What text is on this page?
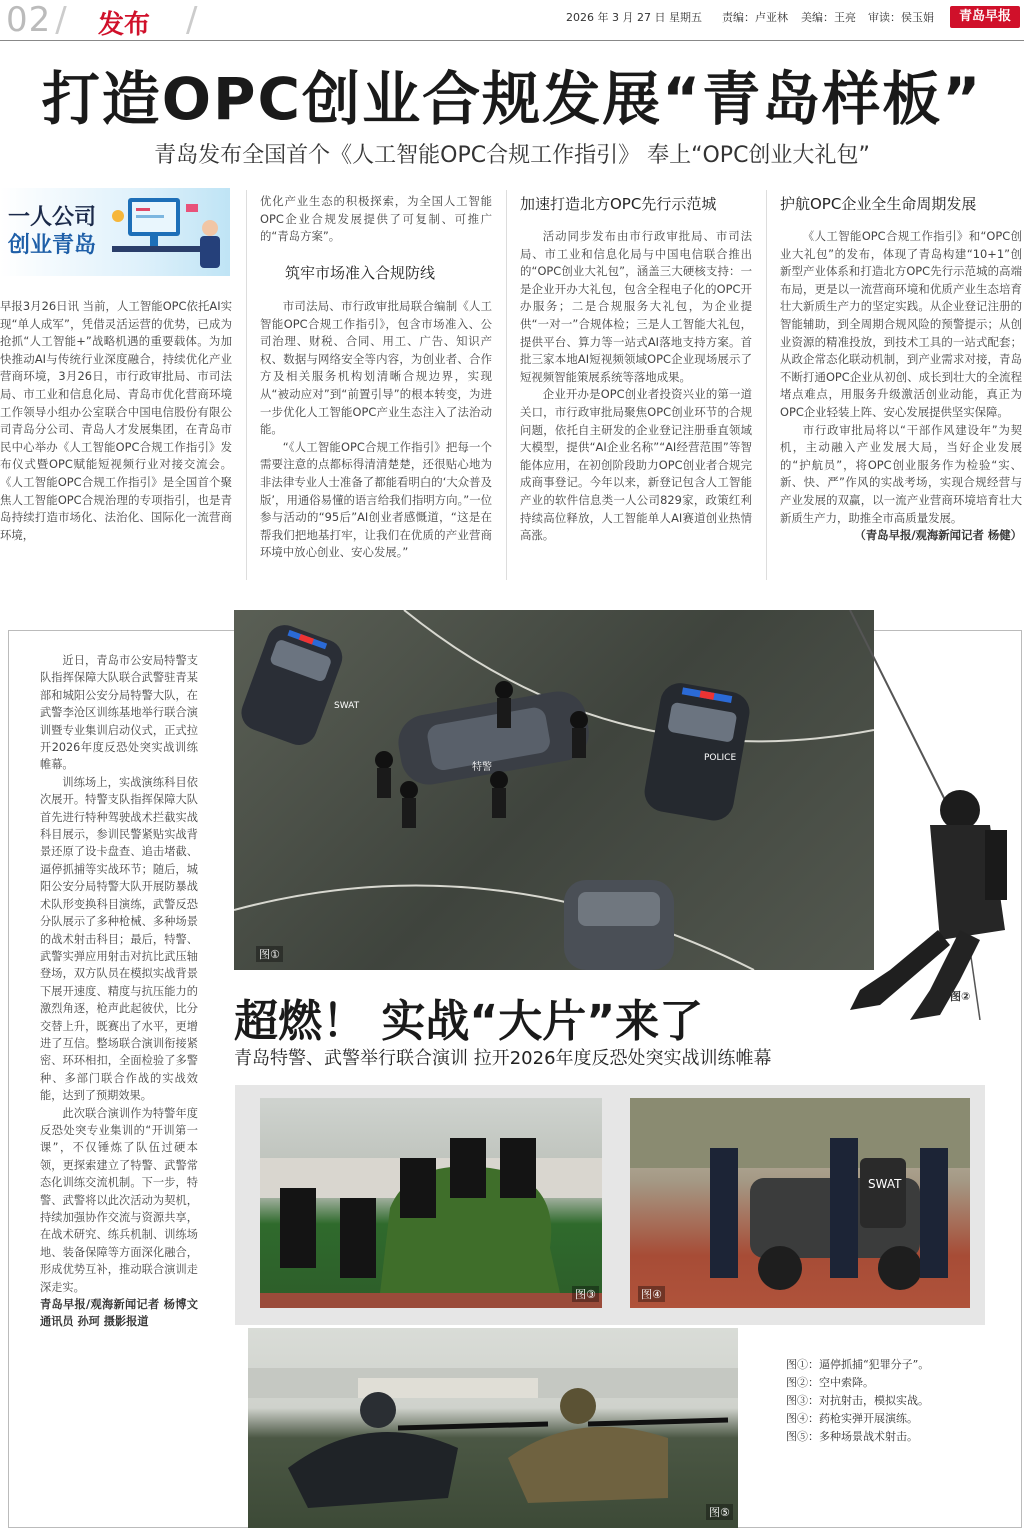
02 / 发布 /	2026 年 3 月 27 日 星期五 责编：卢亚林 美编：王亮 审读：侯玉娟	青岛早报
打造OPC创业合规发展“青岛样板”
青岛发布全国首个《人工智能OPC合规工作指引》 奉上“OPC创业大礼包”
一人公司
创业青岛

早报3月26日讯 当前，人工智能OPC依托AI实现“单人成军”，凭借灵活运营的优势，已成为抢抓“人工智能+”战略机遇的重要载体。为加快推动AI与传统行业深度融合，持续优化产业营商环境，3月26日，市行政审批局、市司法局、市工业和信息化局、青岛市优化营商环境工作领导小组办公室联合中国电信股份有限公司青岛分公司、青岛人才发展集团，在青岛市民中心举办《人工智能OPC合规工作指引》发布仪式暨OPC赋能短视频行业对接交流会。《人工智能OPC合规工作指引》是全国首个聚焦人工智能OPC合规治理的专项指引，也是青岛持续打造市场化、法治化、国际化一流营商环境，

优化产业生态的积极探索，为全国人工智能OPC企业合规发展提供了可复制、可推广的“青岛方案”。

筑牢市场准入合规防线

市司法局、市行政审批局联合编制《人工智能OPC合规工作指引》，包含市场准入、公司治理、财税、合同、用工、广告、知识产权、数据与网络安全等内容，为创业者、合作方及相关服务机构划清晰合规边界，实现从“被动应对”到“前置引导”的根本转变，为进一步优化人工智能OPC产业生态注入了法治动能。

“《人工智能OPC合规工作指引》把每一个需要注意的点都标得清清楚楚，还很贴心地为非法律专业人士准备了都能看明白的‘大众普及版’，用通俗易懂的语言给我们指明方向。”一位参与活动的“95后”AI创业者感慨道，“这是在帮我们把地基打牢，让我们在优质的产业营商环境中放心创业、安心发展。”

加速打造北方OPC先行示范城

活动同步发布由市行政审批局、市司法局、市工业和信息化局与中国电信联合推出的“OPC创业大礼包”，涵盖三大硬核支持：一是企业开办大礼包，包含全程电子化的OPC开办服务；二是合规服务大礼包，为企业提供“一对一”合规体检；三是人工智能大礼包，提供平台、算力等一站式AI落地支持方案。首批三家本地AI短视频领域OPC企业现场展示了短视频智能策展系统等落地成果。

企业开办是OPC创业者投资兴业的第一道关口，市行政审批局聚焦OPC创业环节的合规问题，依托自主研发的企业登记注册垂直领域大模型，提供“AI企业名称”“AI经营范围”等智能体应用，在初创阶段助力OPC创业者合规完成商事登记。今年以来，新登记包含人工智能产业的软件信息类一人公司829家，政策红利持续高位释放，人工智能单人AI赛道创业热情高涨。

护航OPC企业全生命周期发展

《人工智能OPC合规工作指引》和“OPC创业大礼包”的发布，体现了青岛构建“10+1”创新型产业体系和打造北方OPC先行示范城的高端布局，更是以一流营商环境和优质产业生态培育壮大新质生产力的坚定实践。从企业登记注册的智能辅助，到全周期合规风险的预警提示；从创业资源的精准投放，到技术工具的一站式配套；从政企常态化联动机制，到产业需求对接，青岛不断打通OPC企业从初创、成长到壮大的全流程堵点难点，用服务升级激活创业动能，真正为OPC企业轻装上阵、安心发展提供坚实保障。

市行政审批局将以“干部作风建设年”为契机，主动融入产业发展大局，当好企业发展的“护航员”，将OPC创业服务作为检验“实、新、快、严”作风的实战考场，实现合规经营与产业发展的双赢，以一流产业营商环境培育壮大新质生产力，助推全市高质量发展。

（青岛早报/观海新闻记者 杨健）

近日，青岛市公安局特警支队指挥保障大队联合武警驻青某部和城阳公安分局特警大队，在武警李沧区训练基地举行联合演训暨专业集训启动仪式，正式拉开2026年度反恐处突实战训练帷幕。

训练场上，实战演练科目依次展开。特警支队指挥保障大队首先进行特种驾驶战术拦截实战科目展示，参训民警紧贴实战背景还原了设卡盘查、追击堵截、逼停抓捕等实战环节；随后，城阳公安分局特警大队开展防暴战术队形变换科目演练，武警反恐分队展示了多种枪械、多种场景的战术射击科目；最后，特警、武警实弹应用射击对抗比武压轴登场，双方队员在模拟实战背景下展开速度、精度与抗压能力的激烈角逐，枪声此起彼伏，比分交替上升，既赛出了水平，更增进了互信。整场联合演训衔接紧密、环环相扣，全面检验了多警种、多部门联合作战的实战效能，达到了预期效果。

此次联合演训作为特警年度反恐处突专业集训的“开训第一课”，不仅锤炼了队伍过硬本领，更探索建立了特警、武警常态化训练交流机制。下一步，特警、武警将以此次活动为契机，持续加强协作交流与资源共享，在战术研究、练兵机制、训练场地、装备保障等方面深化融合，形成优势互补，推动联合演训走深走实。

青岛早报/观海新闻记者 杨博文 通讯员 孙珂 摄影报道

SWAT
POLICE
特警
图①
图②
超燃！ 实战“大片”来了
青岛特警、武警举行联合演训 拉开2026年度反恐处突实战训练帷幕
图③
SWAT
图④
图⑤
图①：逼停抓捕“犯罪分子”。
图②：空中索降。
图③：对抗射击，模拟实战。
图④：药枪实弹开展演练。
图⑤：多种场景战术射击。
